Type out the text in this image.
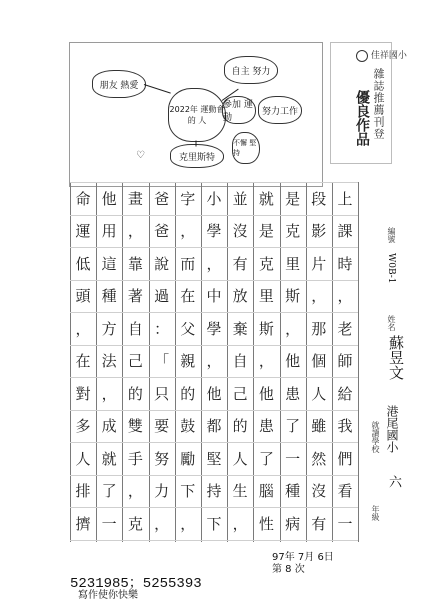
2022年 運動會的 人
朋友 熱愛
自主 努力
參加 運動
努力工作
克里斯特
不懈 堅持
♡
佳祥國小
雜誌推薦刊登
優良作品
上
課
時
，
老
師
給
我
們
看
一
段
影
片
，
那
個
人
雖
然
沒
有
是
克
里
斯
，
他
患
了
一
種
病
就
是
克
里
斯
，
他
患
了
腦
性
並
沒
有
放
棄
自
己
的
人
生
，
小
學
，
中
學
，
他
都
堅
持
下
字
，
而
在
父
親
的
鼓
勵
下
，
爸
爸
說
過
：
「
只
要
努
力
，
畫
，
靠
著
自
己
的
雙
手
，
克
他
用
這
種
方
法
，
成
就
了
一
命
運
低
頭
，
在
對
多
人
排
擠
編號
W0B-1
姓名
蘇昱文
港尾國小
就讀學校
六
年級
97年 7月 6日
第 8 次
5231985；5255393
寫作使你快樂
